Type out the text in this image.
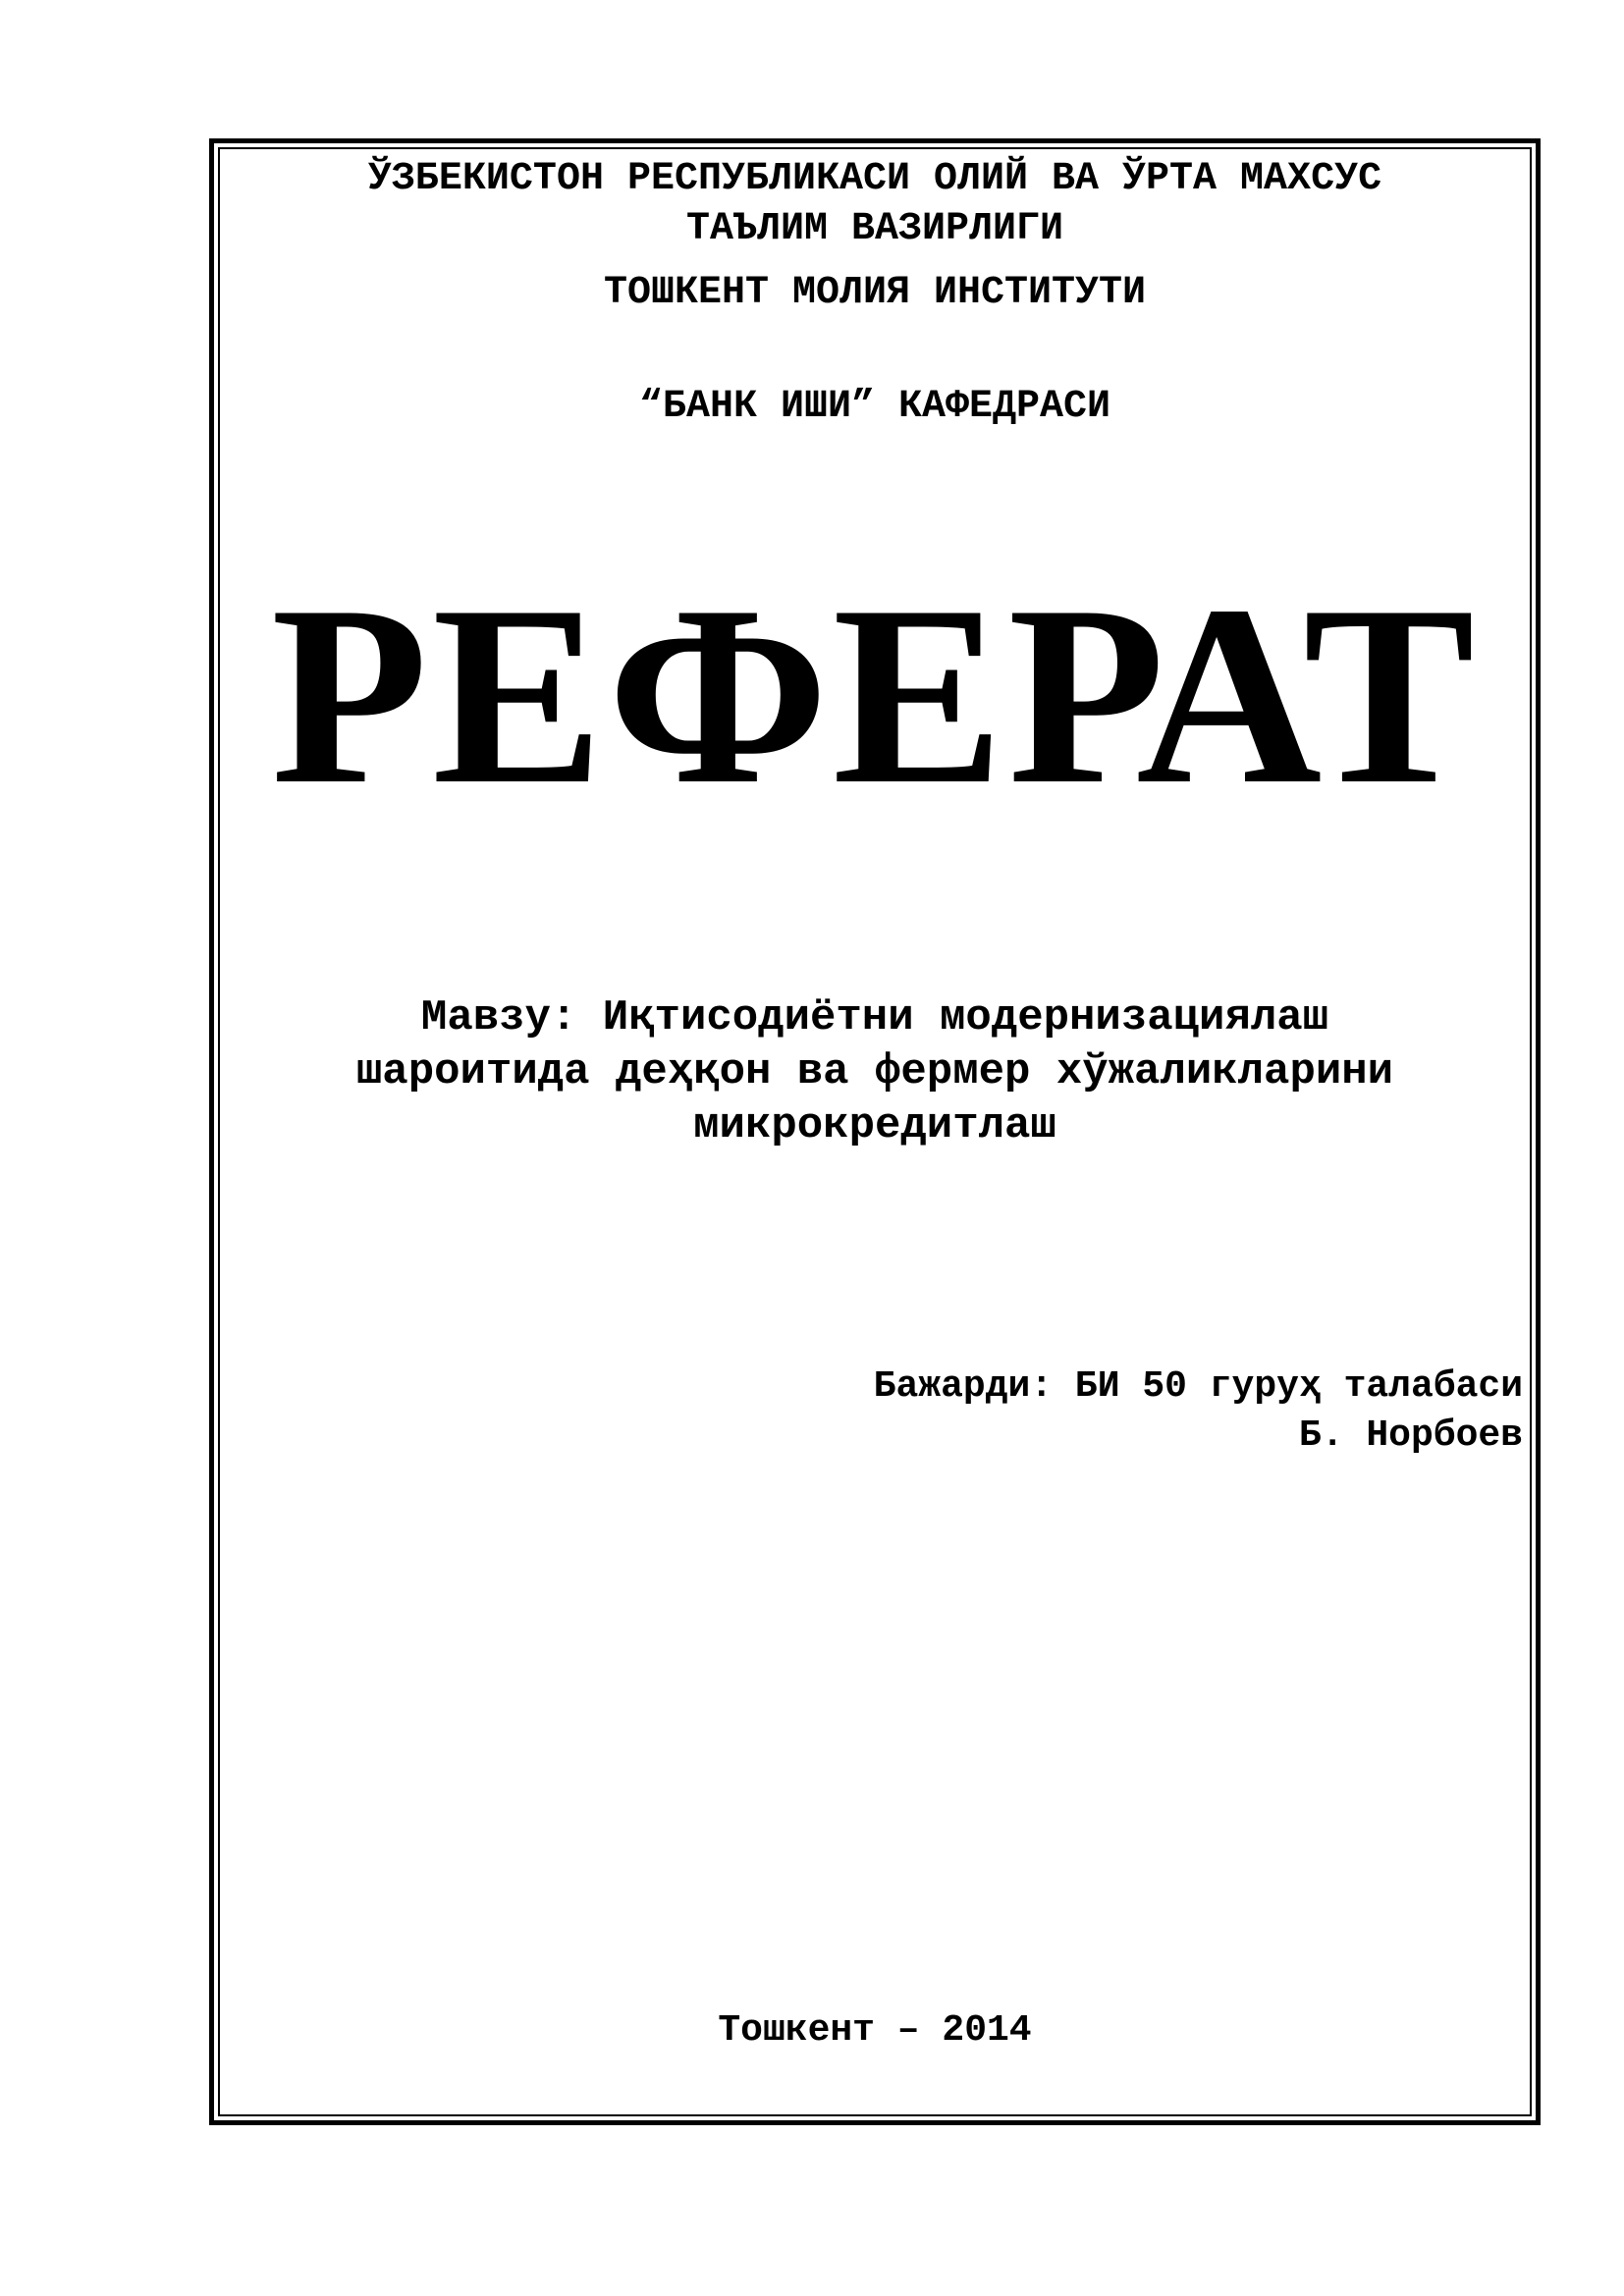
ЎЗБЕКИСТОН РЕСПУБЛИКАСИ ОЛИЙ ВА ЎРТА МАХСУС
ТАЪЛИМ ВАЗИРЛИГИ
ТОШКЕНТ МОЛИЯ ИНСТИТУТИ
“БАНК ИШИ” КАФЕДРАСИ
РЕФЕРАТ
Мавзу: Иқтисодиётни модернизациялаш
шароитида деҳқон ва фермер хўжаликларини
микрокредитлаш
Бажарди: БИ 50 гуруҳ талабаси
Б. Норбоев
Тошкент – 2014
